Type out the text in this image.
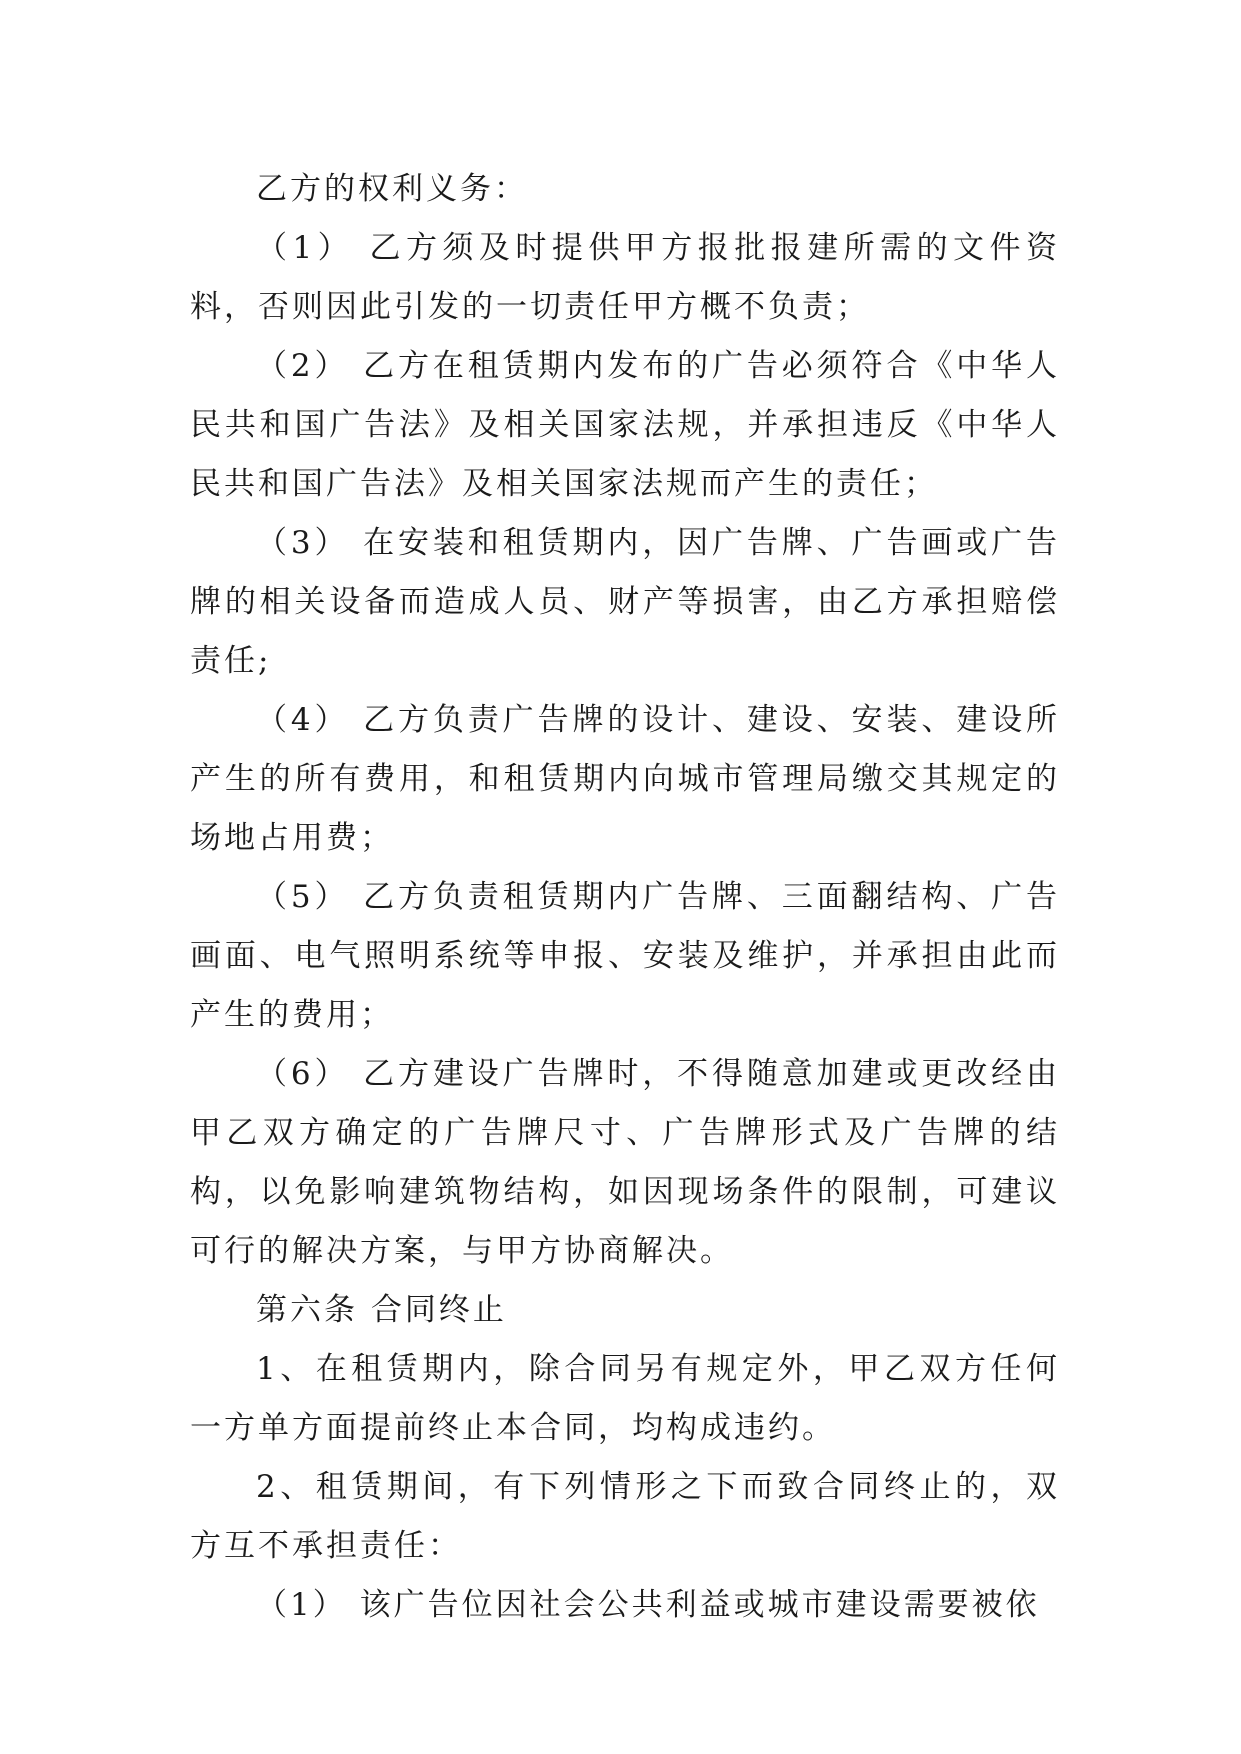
乙方的权利义务：

（1） 乙方须及时提供甲方报批报建所需的文件资料，否则因此引发的一切责任甲方概不负责；

（2） 乙方在租赁期内发布的广告必须符合《中华人民共和国广告法》及相关国家法规，并承担违反《中华人民共和国广告法》及相关国家法规而产生的责任；

（3） 在安装和租赁期内，因广告牌、广告画或广告牌的相关设备而造成人员、财产等损害，由乙方承担赔偿责任;

（4） 乙方负责广告牌的设计、建设、安装、建设所产生的所有费用，和租赁期内向城市管理局缴交其规定的场地占用费；

（5） 乙方负责租赁期内广告牌、三面翻结构、广告画面、电气照明系统等申报、安装及维护，并承担由此而产生的费用；

（6） 乙方建设广告牌时，不得随意加建或更改经由甲乙双方确定的广告牌尺寸、广告牌形式及广告牌的结构，以免影响建筑物结构，如因现场条件的限制，可建议可行的解决方案，与甲方协商解决。

第六条 合同终止

1、在租赁期内，除合同另有规定外，甲乙双方任何一方单方面提前终止本合同，均构成违约。

2、租赁期间，有下列情形之下而致合同终止的，双方互不承担责任：

（1） 该广告位因社会公共利益或城市建设需要被依
